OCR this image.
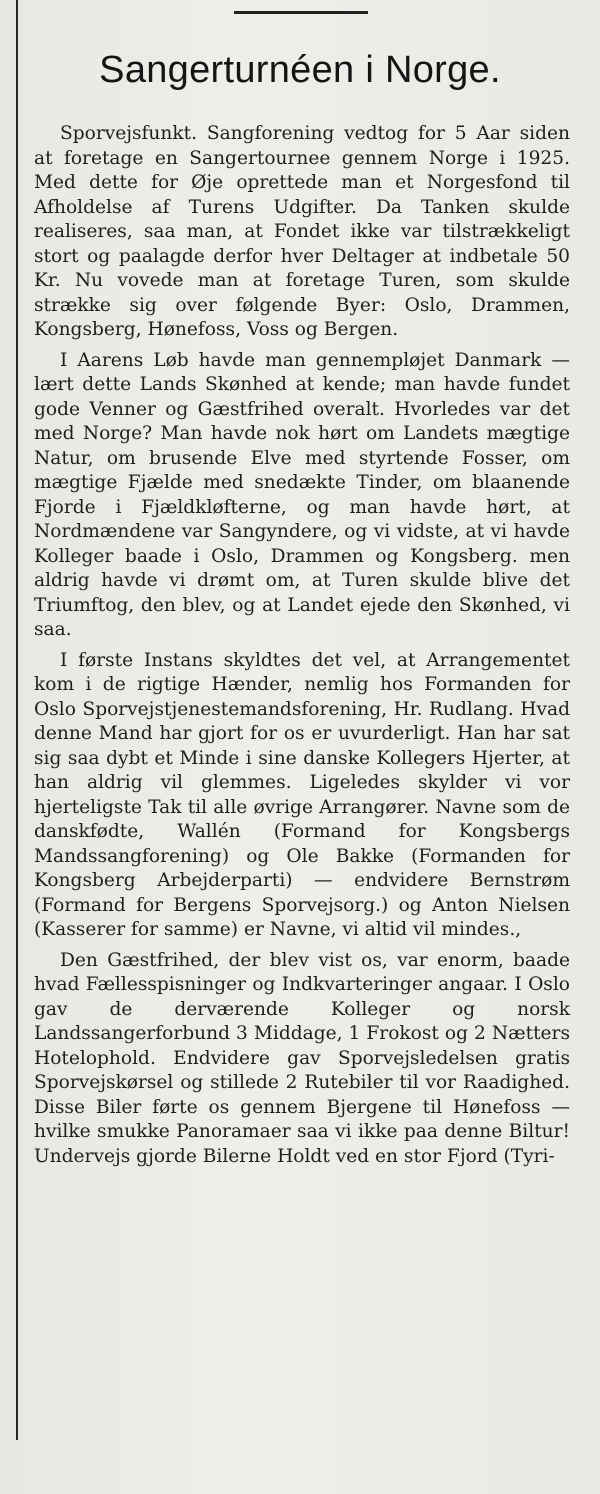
Sangerturnéen i Norge.

Sporvejsfunkt. Sangforening vedtog for 5 Aar siden at foretage en Sangertournee gennem Norge i 1925. Med dette for Øje oprettede man et Norgesfond til Afholdelse af Turens Udgifter. Da Tanken skulde realiseres, saa man, at Fondet ikke var tilstrækkeligt stort og paalagde derfor hver Deltager at indbetale 50 Kr. Nu vovede man at foretage Turen, som skulde strække sig over følgende Byer: Oslo, Drammen, Kongsberg, Hønefoss, Voss og Bergen.

I Aarens Løb havde man gennempløjet Danmark — lært dette Lands Skønhed at kende; man havde fundet gode Venner og Gæstfrihed overalt. Hvorledes var det med Norge? Man havde nok hørt om Landets mægtige Natur, om brusende Elve med styrtende Fosser, om mægtige Fjælde med snedækte Tinder, om blaanende Fjorde i Fjældkløfterne, og man havde hørt, at Nordmændene var Sangyndere, og vi vidste, at vi havde Kolleger baade i Oslo, Drammen og Kongsberg. men aldrig havde vi drømt om, at Turen skulde blive det Triumftog, den blev, og at Landet ejede den Skønhed, vi saa.

I første Instans skyldtes det vel, at Arrangementet kom i de rigtige Hænder, nemlig hos Formanden for Oslo Sporvejstjenestemandsforening, Hr. Rudlang. Hvad denne Mand har gjort for os er uvurderligt. Han har sat sig saa dybt et Minde i sine danske Kollegers Hjerter, at han aldrig vil glemmes. Ligeledes skylder vi vor hjerteligste Tak til alle øvrige Arrangører. Navne som de danskfødte, Wallén (Formand for Kongsbergs Mandssangforening) og Ole Bakke (Formanden for Kongsberg Arbejderparti) — endvidere Bernstrøm (Formand for Bergens Sporvejsorg.) og Anton Nielsen (Kasserer for samme) er Navne, vi altid vil mindes.,

Den Gæstfrihed, der blev vist os, var enorm, baade hvad Fællesspisninger og Indkvarteringer angaar. I Oslo gav de derværende Kolleger og norsk Landssangerforbund 3 Middage, 1 Frokost og 2 Nætters Hotelophold. Endvidere gav Sporvejsledelsen gratis Sporvejskørsel og stillede 2 Rutebiler til vor Raadighed. Disse Biler førte os gennem Bjergene til Hønefoss — hvilke smukke Panoramaer saa vi ikke paa denne Biltur! Undervejs gjorde Bilerne Holdt ved en stor Fjord (Tyri-
